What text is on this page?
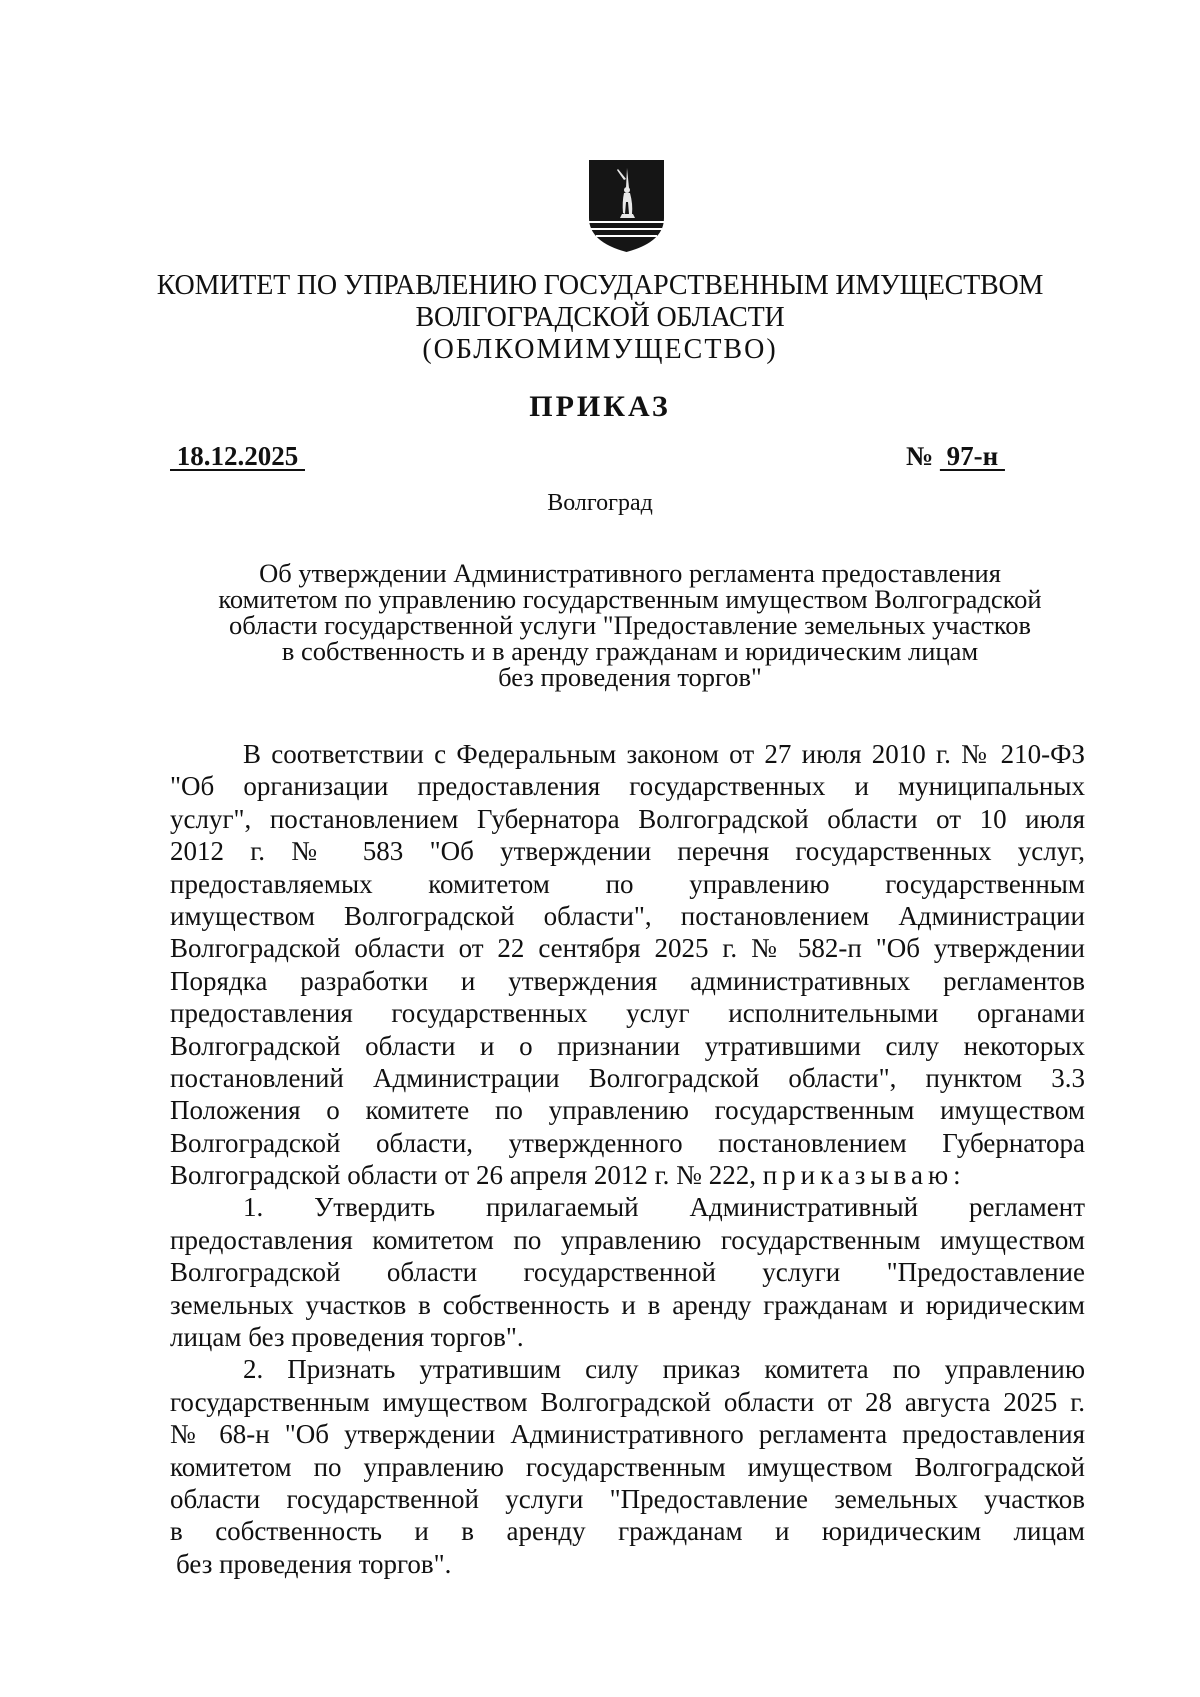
КОМИТЕТ ПО УПРАВЛЕНИЮ ГОСУДАРСТВЕННЫМ ИМУЩЕСТВОМ
ВОЛГОГРАДСКОЙ ОБЛАСТИ
(ОБЛКОМИМУЩЕСТВО)
ПРИКАЗ
18.12.2025	№  97-н
Волгоград
Об утверждении Административного регламента предоставления
комитетом по управлению государственным имуществом Волгоградской
области государственной услуги "Предоставление земельных участков
в собственность и в аренду гражданам и юридическим лицам
без проведения торгов"
В соответствии с Федеральным законом от 27 июля 2010 г. № 210-ФЗ
"Об организации предоставления государственных и муниципальных
услуг", постановлением Губернатора Волгоградской области от 10 июля
2012 г. № 583 "Об утверждении перечня государственных услуг,
предоставляемых комитетом по управлению государственным
имуществом Волгоградской области", постановлением Администрации
Волгоградской области от 22 сентября 2025 г. № 582-п "Об утверждении
Порядка разработки и утверждения административных регламентов
предоставления государственных услуг исполнительными органами
Волгоградской области и о признании утратившими силу некоторых
постановлений Администрации Волгоградской области", пунктом 3.3
Положения о комитете по управлению государственным имуществом
Волгоградской области, утвержденного постановлением Губернатора
Волгоградской области от 26 апреля 2012 г. № 222, приказываю:
1. Утвердить прилагаемый Административный регламент
предоставления комитетом по управлению государственным имуществом
Волгоградской области государственной услуги "Предоставление
земельных участков в собственность и в аренду гражданам и юридическим
лицам без проведения торгов".
2. Признать утратившим силу приказ комитета по управлению
государственным имуществом Волгоградской области от 28 августа 2025 г.
№ 68-н "Об утверждении Административного регламента предоставления
комитетом по управлению государственным имуществом Волгоградской
области государственной услуги "Предоставление земельных участков
в собственность и в аренду гражданам и юридическим лицам
без проведения торгов".
